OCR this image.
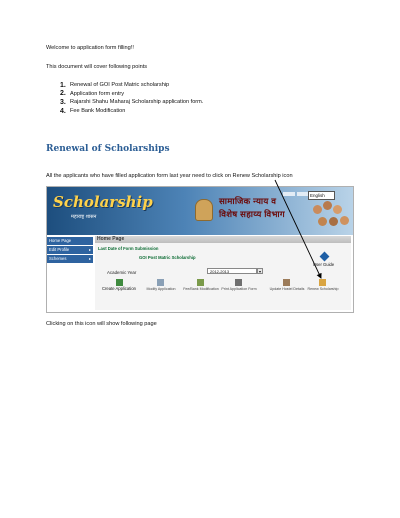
Welcome to application form filling!!
This document will cover following points
1. Renewal of GOI Post Matric scholarship
2. Application form entry
3. Rajarshi Shahu Maharaj Scholarship application form.
4. Fee Bank Modification
Renewal of Scholarships
All the applicants who have filled application form last year need to click on Renew Scholarship icon
Scholarship
महाराष्ट्र शासन
सामाजिक न्याय व
विशेष सहाय्य विभाग
English
Home Page
Edit Profile	▸
Schemes	▸
Home Page
Last Date of Form Submission
GOI Post Matric Scholarship
User Guide
Academic Year	2012-2013	▾
Create Application	Modify Application	Fee/Bank Modification Print Application Form	Update Hostel Details Renew Scholarship
Clicking on this icon will show following page
